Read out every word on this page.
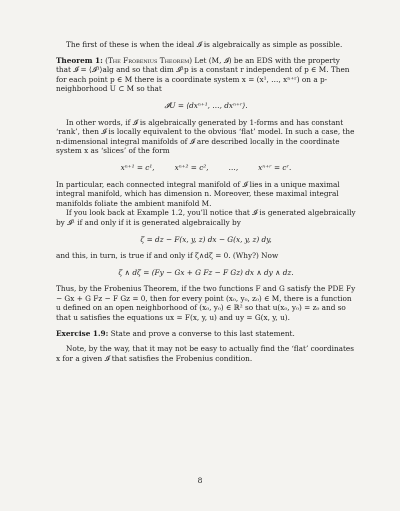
The first of these is when the ideal 𝓘 is algebraically as simple as possible.

Theorem 1: (The Frobenius Theorem) Let (M, 𝓘) be an EDS with the property that 𝓘 = ⟨𝓘¹⟩alg and so that dim 𝓘¹p is a constant r independent of p ∈ M. Then for each point p ∈ M there is a coordinate system x = (x¹, …, xⁿ⁺ʳ) on a p-neighborhood U ⊂ M so that

𝓘U = ⟨dxⁿ⁺¹, …, dxⁿ⁺ʳ⟩.

In other words, if 𝓘 is algebraically generated by 1-forms and has constant ‘rank’, then 𝓘 is locally equivalent to the obvious ‘flat’ model. In such a case, the n-dimensional integral manifolds of 𝓘 are described locally in the coordinate system x as ‘slices’ of the form

xⁿ⁺¹ = c¹,	xⁿ⁺² = c²,	…,	xⁿ⁺ʳ = cʳ.

In particular, each connected integral manifold of 𝓘 lies in a unique maximal integral manifold, which has dimension n. Moreover, these maximal integral manifolds foliate the ambient manifold M.

If you look back at Example 1.2, you’ll notice that 𝓘 is generated algebraically by 𝓘¹ if and only if it is generated algebraically by

ζ = dz − F(x, y, z) dx − G(x, y, z) dy,

and this, in turn, is true if and only if ζ∧dζ = 0. (Why?) Now

ζ ∧ dζ = (Fy − Gx + G Fz − F Gz) dx ∧ dy ∧ dz.

Thus, by the Frobenius Theorem, if the two functions F and G satisfy the PDE Fy − Gx + G Fz − F Gz = 0, then for every point (x₀, y₀, z₀) ∈ M, there is a function u defined on an open neighborhood of (x₀, y₀) ∈ ℝ² so that u(x₀, y₀) = z₀ and so that u satisfies the equations ux = F(x, y, u) and uy = G(x, y, u).

Exercise 1.9: State and prove a converse to this last statement.

Note, by the way, that it may not be easy to actually find the ‘flat’ coordinates x for a given 𝓘 that satisfies the Frobenius condition.

8
